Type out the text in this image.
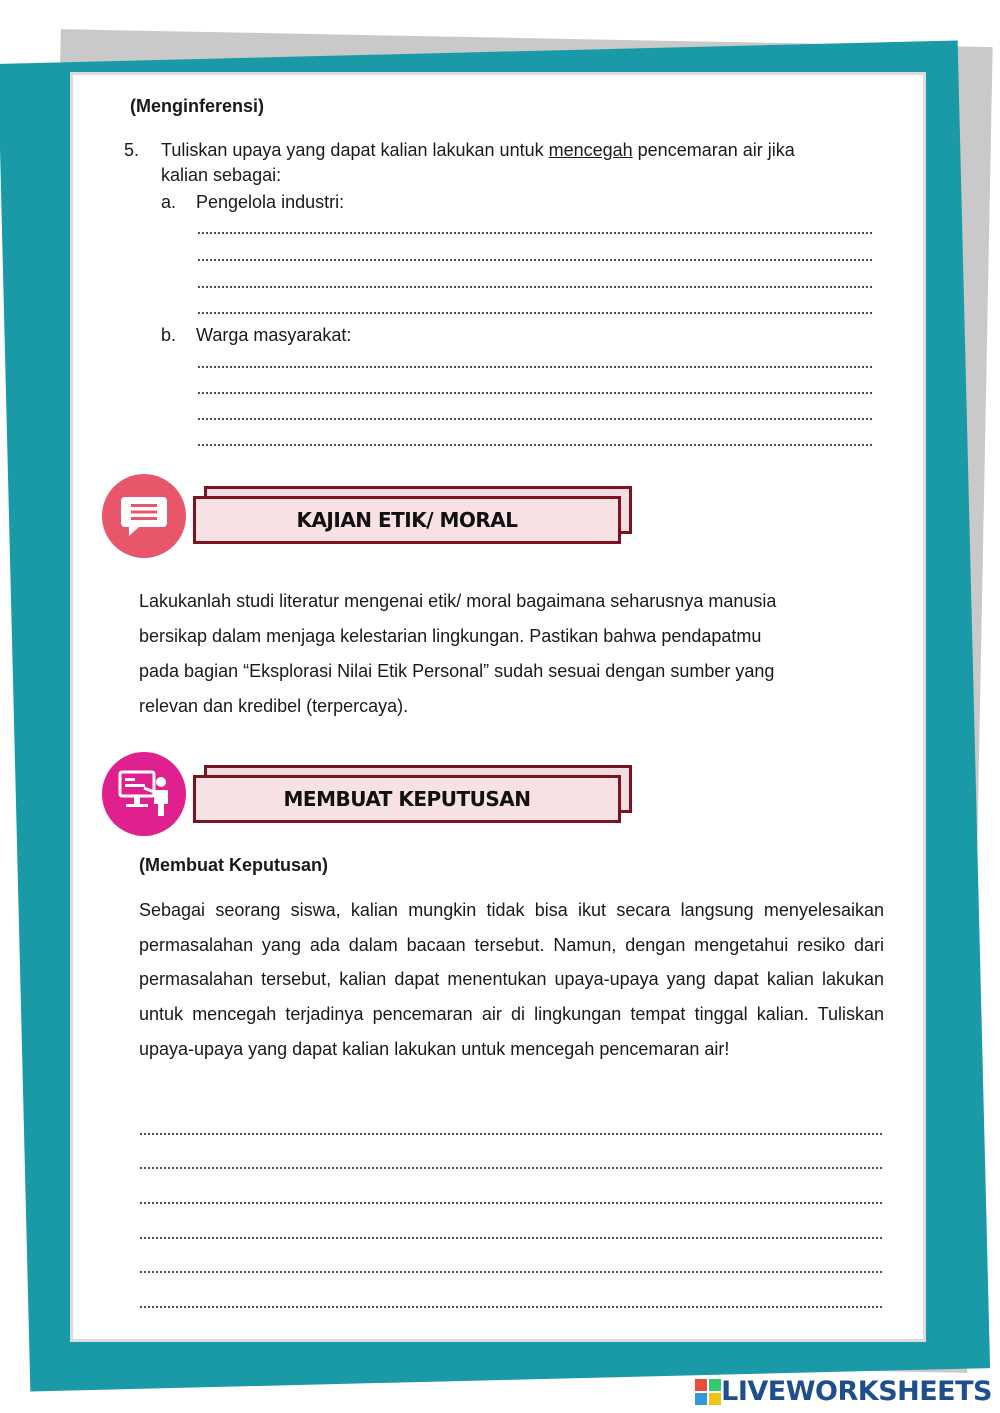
(Menginferensi)
5. Tuliskan upaya yang dapat kalian lakukan untuk mencegah pencemaran air jika
kalian sebagai:
a. Pengelola industri:
b. Warga masyarakat:
KAJIAN ETIK/ MORAL
Lakukanlah studi literatur mengenai etik/ moral bagaimana seharusnya manusia
bersikap dalam menjaga kelestarian lingkungan. Pastikan bahwa pendapatmu
pada bagian “Eksplorasi Nilai Etik Personal” sudah sesuai dengan sumber yang
relevan dan kredibel (terpercaya).
MEMBUAT KEPUTUSAN
(Membuat Keputusan)
Sebagai seorang siswa, kalian mungkin tidak bisa ikut secara langsung menyelesaikan permasalahan yang ada dalam bacaan tersebut. Namun, dengan mengetahui resiko dari permasalahan tersebut, kalian dapat menentukan upaya-upaya yang dapat kalian lakukan untuk mencegah terjadinya pencemaran air di lingkungan tempat tinggal kalian. Tuliskan upaya-upaya yang dapat kalian lakukan untuk mencegah pencemaran air!
LIVEWORKSHEETS
